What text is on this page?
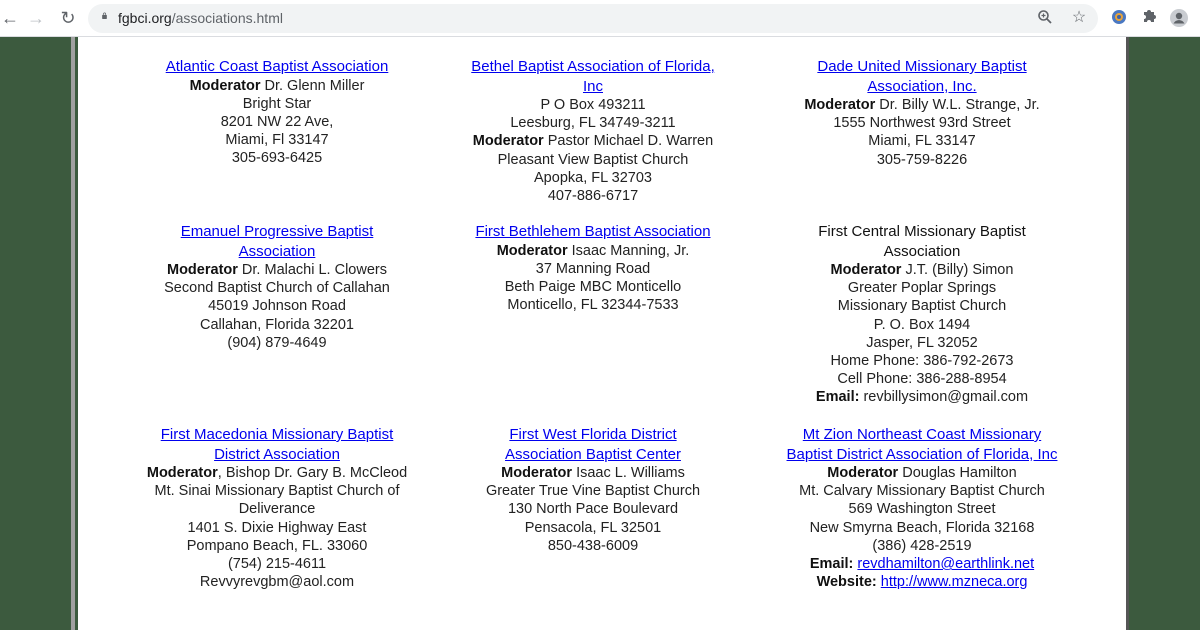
← → ↻	fgbci.org/associations.html	☆
Atlantic Coast Baptist Association
Moderator Dr. Glenn Miller
Bright Star
8201 NW 22 Ave,
Miami, Fl 33147
305-693-6425
Bethel Baptist Association of Florida,
Inc
P O Box 493211
Leesburg, FL 34749-3211
Moderator Pastor Michael D. Warren
Pleasant View Baptist Church
Apopka, FL 32703
407-886-6717
Dade United Missionary Baptist
Association, Inc.
Moderator Dr. Billy W.L. Strange, Jr.
1555 Northwest 93rd Street
Miami, FL 33147
305-759-8226
Emanuel Progressive Baptist
Association
Moderator Dr. Malachi L. Clowers
Second Baptist Church of Callahan
45019 Johnson Road
Callahan, Florida 32201
(904) 879-4649
First Bethlehem Baptist Association
Moderator Isaac Manning, Jr.
37 Manning Road
Beth Paige MBC Monticello
Monticello, FL 32344-7533
First Central Missionary Baptist
Association
Moderator J.T. (Billy) Simon
Greater Poplar Springs
Missionary Baptist Church
P. O. Box 1494
Jasper, FL 32052
Home Phone: 386-792-2673
Cell Phone: 386-288-8954
Email: revbillysimon@gmail.com
First Macedonia Missionary Baptist
District Association
Moderator, Bishop Dr. Gary B. McCleod
Mt. Sinai Missionary Baptist Church of
Deliverance
1401 S. Dixie Highway East
Pompano Beach, FL. 33060
(754) 215-4611
Revvyrevgbm@aol.com
First West Florida District
Association Baptist Center
Moderator Isaac L. Williams
Greater True Vine Baptist Church
130 North Pace Boulevard
Pensacola, FL 32501
850-438-6009
Mt Zion Northeast Coast Missionary
Baptist District Association of Florida, Inc
Moderator Douglas Hamilton
Mt. Calvary Missionary Baptist Church
569 Washington Street
New Smyrna Beach, Florida 32168
(386) 428-2519
Email: revdhamilton@earthlink.net
Website: http://www.mzneca.org
